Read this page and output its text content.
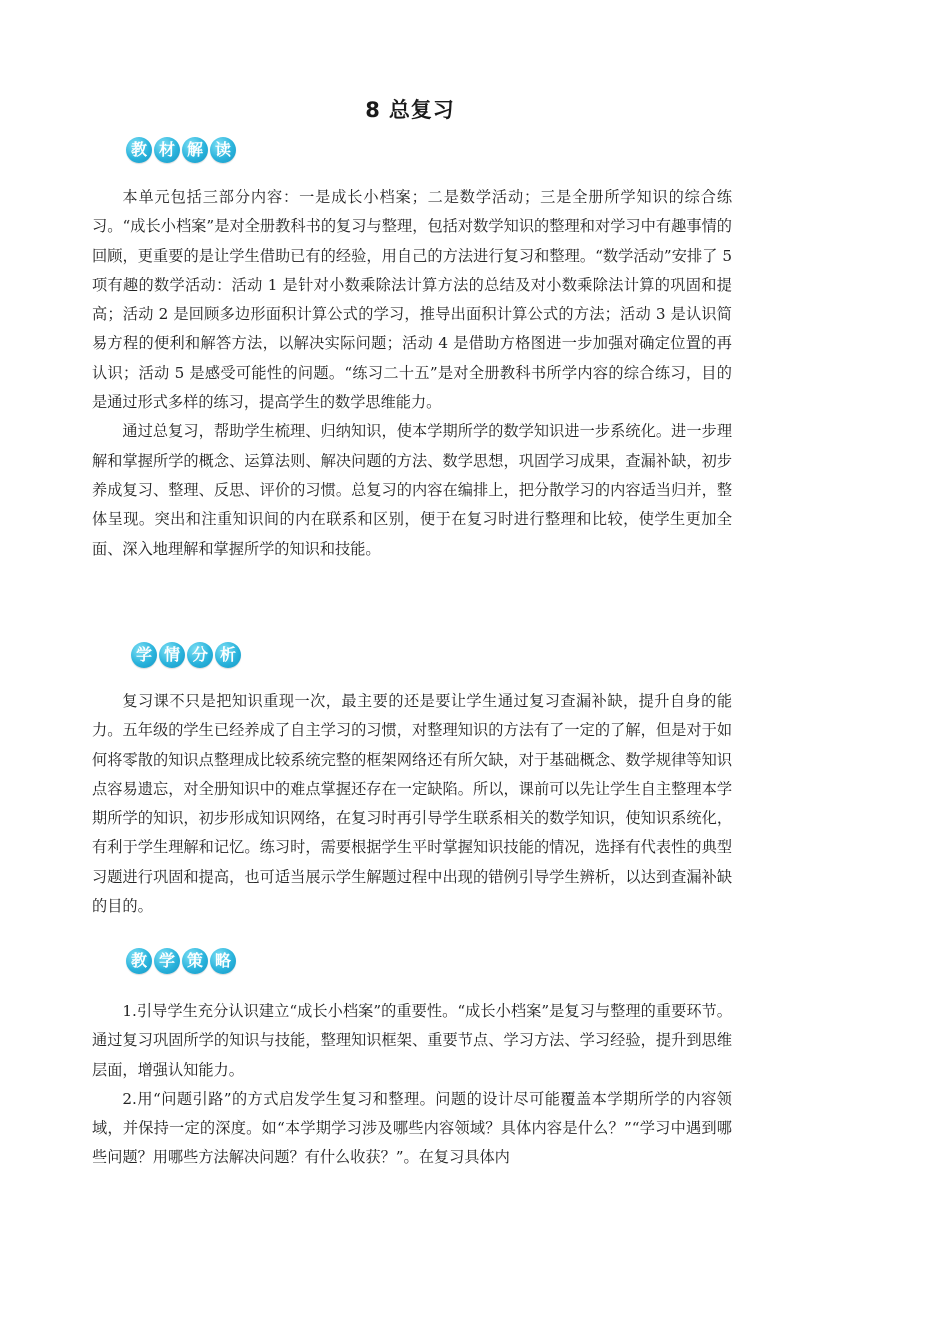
8 总复习
教 材 解 读

本单元包括三部分内容：一是成长小档案；二是数学活动；三是全册所学知识的综合练习。“成长小档案”是对全册教科书的复习与整理，包括对数学知识的整理和对学习中有趣事情的回顾，更重要的是让学生借助已有的经验，用自己的方法进行复习和整理。“数学活动”安排了 5 项有趣的数学活动：活动 1 是针对小数乘除法计算方法的总结及对小数乘除法计算的巩固和提高；活动 2 是回顾多边形面积计算公式的学习，推导出面积计算公式的方法；活动 3 是认识简易方程的便利和解答方法，以解决实际问题；活动 4 是借助方格图进一步加强对确定位置的再认识；活动 5 是感受可能性的问题。“练习二十五”是对全册教科书所学内容的综合练习，目的是通过形式多样的练习，提高学生的数学思维能力。

通过总复习，帮助学生梳理、归纳知识，使本学期所学的数学知识进一步系统化。进一步理解和掌握所学的概念、运算法则、解决问题的方法、数学思想，巩固学习成果，查漏补缺，初步养成复习、整理、反思、评价的习惯。总复习的内容在编排上，把分散学习的内容适当归并，整体呈现。突出和注重知识间的内在联系和区别，便于在复习时进行整理和比较，使学生更加全面、深入地理解和掌握所学的知识和技能。

学 情 分 析

复习课不只是把知识重现一次，最主要的还是要让学生通过复习查漏补缺，提升自身的能力。五年级的学生已经养成了自主学习的习惯，对整理知识的方法有了一定的了解，但是对于如何将零散的知识点整理成比较系统完整的框架网络还有所欠缺，对于基础概念、数学规律等知识点容易遗忘，对全册知识中的难点掌握还存在一定缺陷。所以，课前可以先让学生自主整理本学期所学的知识，初步形成知识网络，在复习时再引导学生联系相关的数学知识，使知识系统化，有利于学生理解和记忆。练习时，需要根据学生平时掌握知识技能的情况，选择有代表性的典型习题进行巩固和提高，也可适当展示学生解题过程中出现的错例引导学生辨析，以达到查漏补缺的目的。

教 学 策 略

1.引导学生充分认识建立“成长小档案”的重要性。“成长小档案”是复习与整理的重要环节。通过复习巩固所学的知识与技能，整理知识框架、重要节点、学习方法、学习经验，提升到思维层面，增强认知能力。

2.用“问题引路”的方式启发学生复习和整理。问题的设计尽可能覆盖本学期所学的内容领域，并保持一定的深度。如“本学期学习涉及哪些内容领域？具体内容是什么？”“学习中遇到哪些问题？用哪些方法解决问题？有什么收获？”。在复习具体内
